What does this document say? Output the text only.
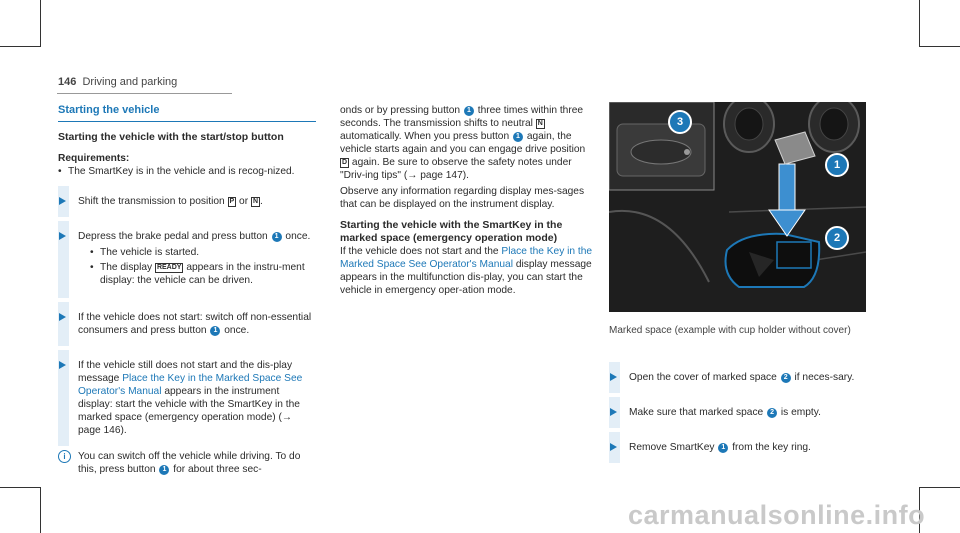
146 Driving and parking
Starting the vehicle
Starting the vehicle with the start/stop button

Requirements:

• The SmartKey is in the vehicle and is recog-nized.
Shift the transmission to position P or N .
Depress the brake pedal and press button 1 once.
• The vehicle is started.
• The display READY appears in the instru-ment display: the vehicle can be driven.
If the vehicle does not start: switch off non-essential consumers and press button 1 once.
If the vehicle still does not start and the dis-play message Place the Key in the Marked Space See Operator's Manual appears in the instrument display: start the vehicle with the SmartKey in the marked space (emergency operation mode) (→ page 146).
i	You can switch off the vehicle while driving. To do this, press button 1 for about three sec-

onds or by pressing button 1 three times within three seconds. The transmission shifts to neutral N automatically. When you press button 1 again, the vehicle starts again and you can engage drive position D again. Be sure to observe the safety notes under "Driv-ing tips" (→ page 147).

Observe any information regarding display mes-sages that can be displayed on the instrument display.

Starting the vehicle with the SmartKey in the marked space (emergency operation mode)

If the vehicle does not start and the Place the Key in the Marked Space See Operator's Manual display message appears in the multifunction dis-play, you can start the vehicle in emergency oper-ation mode.

3
1
2
Marked space (example with cup holder without cover)
Open the cover of marked space 2 if neces-sary.
Make sure that marked space 2 is empty.
Remove SmartKey 1 from the key ring.
carmanualsonline.info
